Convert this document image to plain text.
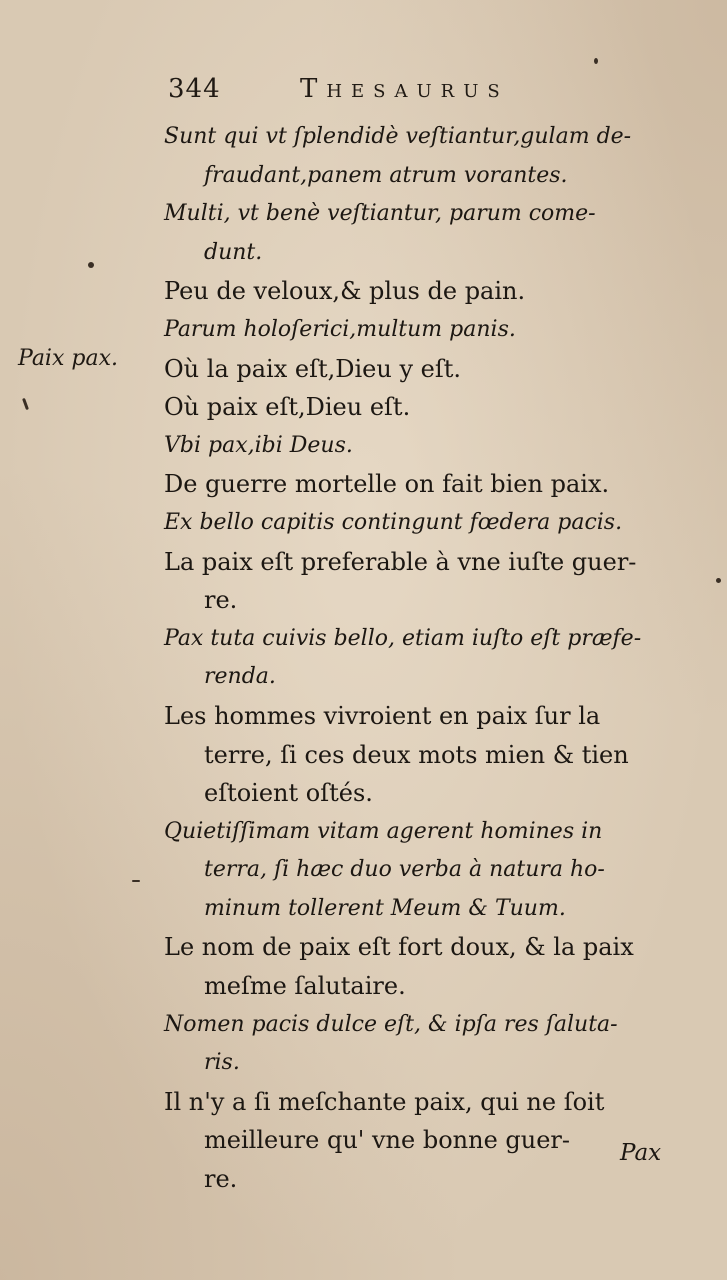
344	Thesaurus
Paix pax.
Sunt qui vt ſplendidè veſtiantur,gulam de-
fraudant,panem atrum vorantes.
Multi, vt benè veſtiantur, parum come-
dunt.
Peu de veloux,& plus de pain.
Parum holoſerici,multum panis.
Où la paix eſt,Dieu y eſt.
Où paix eſt,Dieu eſt.
Vbi pax,ibi Deus.
De guerre mortelle on fait bien paix.
Ex bello capitis contingunt fœdera pacis.
La paix eſt preferable à vne iuſte guer-
re.
Pax tuta cuivis bello, etiam iuſto eſt præfe-
renda.
Les hommes vivroient en paix ſur la
terre, ſi ces deux mots mien & tien
eſtoient oſtés.
Quietiſſimam vitam agerent homines in
terra, ſi hæc duo verba à natura ho-
minum tollerent Meum & Tuum.
Le nom de paix eſt fort doux, & la paix
meſme ſalutaire.
Nomen pacis dulce eſt, & ipſa res ſaluta-
ris.
Il n'y a ſi meſchante paix, qui ne ſoit
meilleure qu' vne bonne guer-
re.
Pax
